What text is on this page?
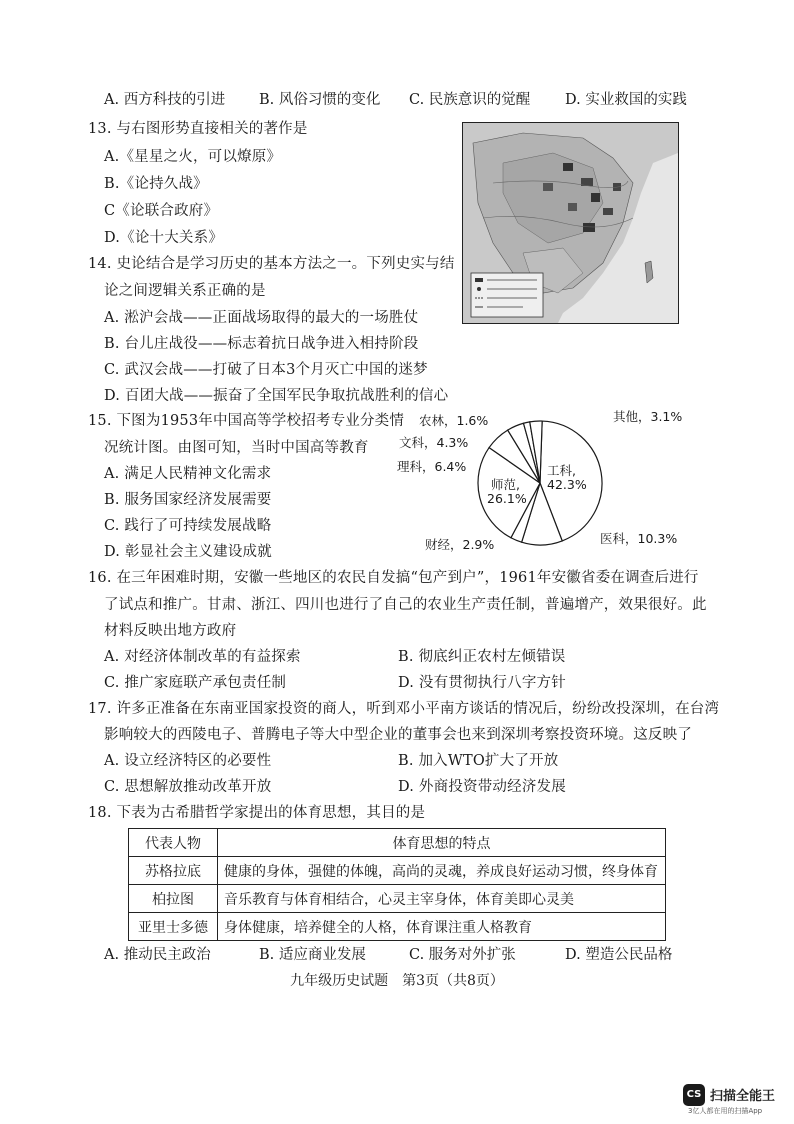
A. 西方科技的引进 B. 风俗习惯的变化 C. 民族意识的觉醒 D. 实业救国的实践
13. 与右图形势直接相关的著作是
A.《星星之火，可以燎原》
B.《论持久战》
C《论联合政府》
D.《论十大关系》
14. 史论结合是学习历史的基本方法之一。下列史实与结
论之间逻辑关系正确的是
A. 淞沪会战——正面战场取得的最大的一场胜仗
B. 台儿庄战役——标志着抗日战争进入相持阶段
C. 武汉会战——打破了日本3个月灭亡中国的迷梦
D. 百团大战——振奋了全国军民争取抗战胜利的信心
15. 下图为1953年中国高等学校招考专业分类情
况统计图。由图可知，当时中国高等教育
A. 满足人民精神文化需求
B. 服务国家经济发展需要
C. 践行了可持续发展战略
D. 彰显社会主义建设成就
工科,
42.3%
师范,
26.1%
医科，10.3%
财经，2.9%
理科，6.4%
文科，4.3%
农林，1.6%	其他，3.1%
16. 在三年困难时期，安徽一些地区的农民自发搞“包产到户”，1961年安徽省委在调查后进行
了试点和推广。甘肃、浙江、四川也进行了自己的农业生产责任制，普遍增产，效果很好。此
材料反映出地方政府
A. 对经济体制改革的有益探索	B. 彻底纠正农村左倾错误
C. 推广家庭联产承包责任制	D. 没有贯彻执行八字方针
17. 许多正准备在东南亚国家投资的商人，听到邓小平南方谈话的情况后，纷纷改投深圳，在台湾
影响较大的西陵电子、普腾电子等大中型企业的董事会也来到深圳考察投资环境。这反映了
A. 设立经济特区的必要性	B. 加入WTO扩大了开放
C. 思想解放推动改革开放	D. 外商投资带动经济发展
18. 下表为古希腊哲学家提出的体育思想，其目的是
代表人物	体育思想的特点
苏格拉底	健康的身体，强健的体魄，高尚的灵魂，养成良好运动习惯，终身体育
柏拉图	音乐教育与体育相结合，心灵主宰身体，体育美即心灵美
亚里士多德	身体健康，培养健全的人格，体育课注重人格教育
A. 推动民主政治	B. 适应商业发展	C. 服务对外扩张	D. 塑造公民品格
九年级历史试题　第3页（共8页）
CS 扫描全能王
3亿人都在用的扫描App
